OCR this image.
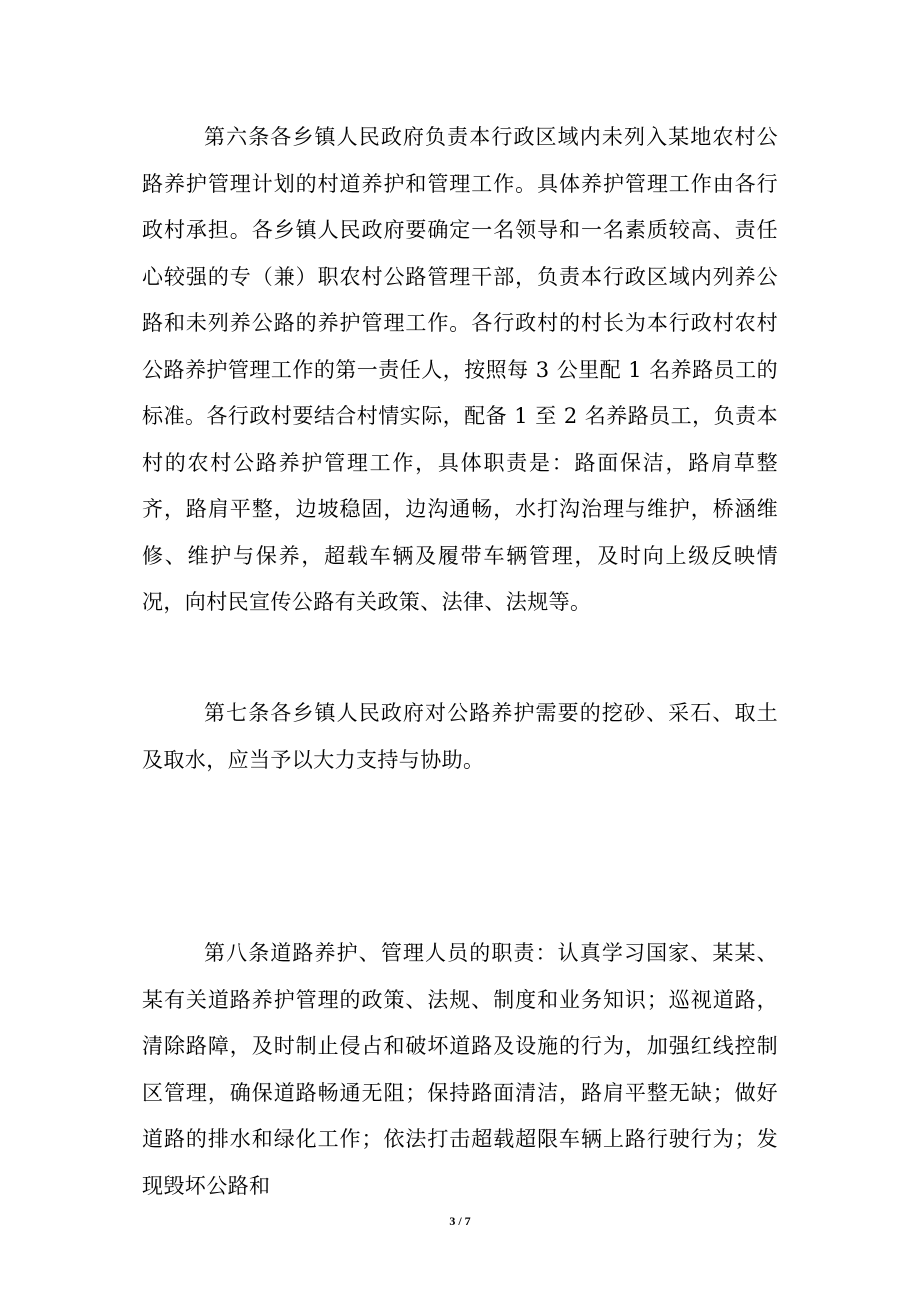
第六条各乡镇人民政府负责本行政区域内未列入某地农村公路养护管理计划的村道养护和管理工作。具体养护管理工作由各行政村承担。各乡镇人民政府要确定一名领导和一名素质较高、责任心较强的专（兼）职农村公路管理干部，负责本行政区域内列养公路和未列养公路的养护管理工作。各行政村的村长为本行政村农村公路养护管理工作的第一责任人，按照每 3 公里配 1 名养路员工的标准。各行政村要结合村情实际，配备 1 至 2 名养路员工，负责本村的农村公路养护管理工作，具体职责是：路面保洁，路肩草整齐，路肩平整，边坡稳固，边沟通畅，水打沟治理与维护，桥涵维修、维护与保养，超载车辆及履带车辆管理，及时向上级反映情况，向村民宣传公路有关政策、法律、法规等。

第七条各乡镇人民政府对公路养护需要的挖砂、采石、取土及取水，应当予以大力支持与协助。

第八条道路养护、管理人员的职责：认真学习国家、某某、某有关道路养护管理的政策、法规、制度和业务知识；巡视道路，清除路障，及时制止侵占和破坏道路及设施的行为，加强红线控制区管理，确保道路畅通无阻；保持路面清洁，路肩平整无缺；做好道路的排水和绿化工作；依法打击超载超限车辆上路行驶行为；发现毁坏公路和

3 / 7
